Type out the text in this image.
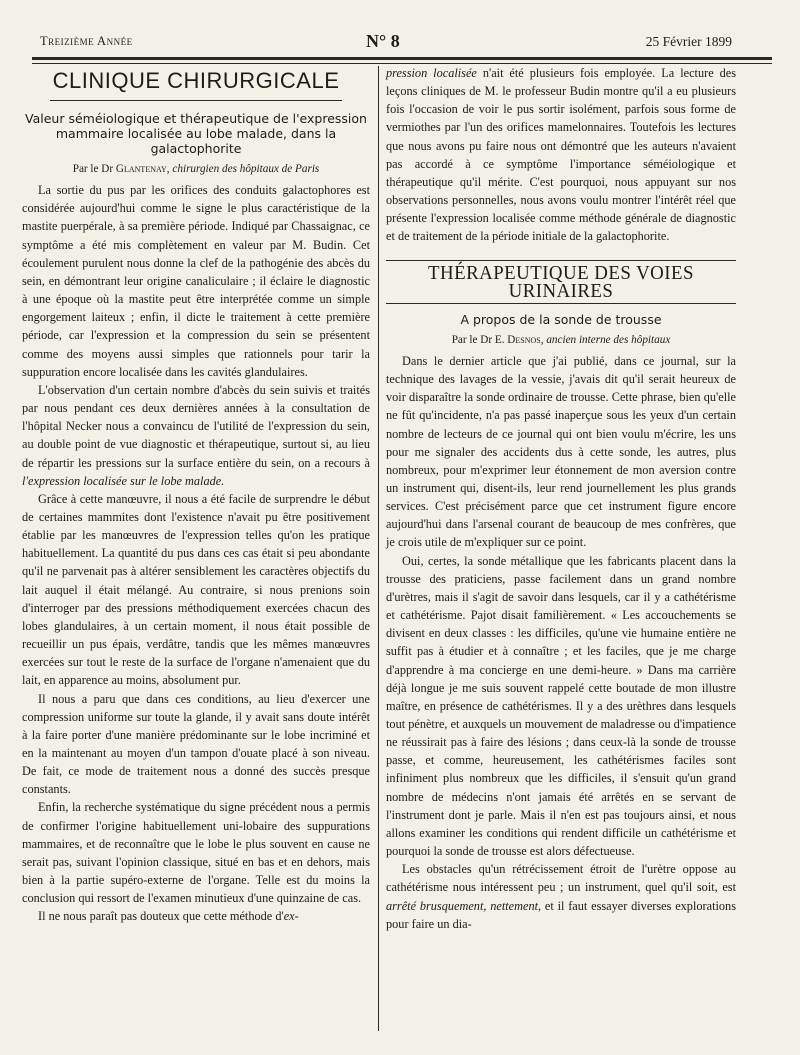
Treizième Année	N° 8	25 Février 1899
CLINIQUE CHIRURGICALE
Valeur séméiologique et thérapeutique de l'expression mammaire localisée au lobe malade, dans la galactophorite
Par le Dr Glantenay, chirurgien des hôpitaux de Paris

La sortie du pus par les orifices des conduits galactophores est considérée aujourd'hui comme le signe le plus caractéristique de la mastite puerpérale, à sa première période. Indiqué par Chassaignac, ce symptôme a été mis complètement en valeur par M. Budin. Cet écoulement purulent nous donne la clef de la pathogénie des abcès du sein, en démontrant leur origine canaliculaire ; il éclaire le diagnostic à une époque où la mastite peut être interprétée comme un simple engorgement laiteux ; enfin, il dicte le traitement à cette première période, car l'expression et la compression du sein se présentent comme des moyens aussi simples que rationnels pour tarir la suppuration encore localisée dans les cavités glandulaires.

L'observation d'un certain nombre d'abcès du sein suivis et traités par nous pendant ces deux dernières années à la consultation de l'hôpital Necker nous a convaincu de l'utilité de l'expression du sein, au double point de vue diagnostic et thérapeutique, surtout si, au lieu de répartir les pressions sur la surface entière du sein, on a recours à l'expression localisée sur le lobe malade.

Grâce à cette manœuvre, il nous a été facile de surprendre le début de certaines mammites dont l'existence n'avait pu être positivement établie par les manœuvres de l'expression telles qu'on les pratique habituellement. La quantité du pus dans ces cas était si peu abondante qu'il ne parvenait pas à altérer sensiblement les caractères objectifs du lait auquel il était mélangé. Au contraire, si nous prenions soin d'interroger par des pressions méthodiquement exercées chacun des lobes glandulaires, à un certain moment, il nous était possible de recueillir un pus épais, verdâtre, tandis que les mêmes manœuvres exercées sur tout le reste de la surface de l'organe n'amenaient que du lait, en apparence au moins, absolument pur.

Il nous a paru que dans ces conditions, au lieu d'exercer une compression uniforme sur toute la glande, il y avait sans doute intérêt à la faire porter d'une manière prédominante sur le lobe incriminé et en la maintenant au moyen d'un tampon d'ouate placé à son niveau. De fait, ce mode de traitement nous a donné des succès presque constants.

Enfin, la recherche systématique du signe précédent nous a permis de confirmer l'origine habituellement uni-lobaire des suppurations mammaires, et de reconnaître que le lobe le plus souvent en cause ne serait pas, suivant l'opinion classique, situé en bas et en dehors, mais bien à la partie supéro-externe de l'organe. Telle est du moins la conclusion qui ressort de l'examen minutieux d'une quinzaine de cas.

Il ne nous paraît pas douteux que cette méthode d'ex-

pression localisée n'ait été plusieurs fois employée. La lecture des leçons cliniques de M. le professeur Budin montre qu'il a eu plusieurs fois l'occasion de voir le pus sortir isolément, parfois sous forme de vermiothes par l'un des orifices mamelonnaires. Toutefois les lectures que nous avons pu faire nous ont démontré que les auteurs n'avaient pas accordé à ce symptôme l'importance séméiologique et thérapeutique qu'il mérite. C'est pourquoi, nous appuyant sur nos observations personnelles, nous avons voulu montrer l'intérêt réel que présente l'expression localisée comme méthode générale de diagnostic et de traitement de la période initiale de la galactophorite.

THÉRAPEUTIQUE DES VOIES URINAIRES
A propos de la sonde de trousse
Par le Dr E. Desnos, ancien interne des hôpitaux

Dans le dernier article que j'ai publié, dans ce journal, sur la technique des lavages de la vessie, j'avais dit qu'il serait heureux de voir disparaître la sonde ordinaire de trousse. Cette phrase, bien qu'elle ne fût qu'incidente, n'a pas passé inaperçue sous les yeux d'un certain nombre de lecteurs de ce journal qui ont bien voulu m'écrire, les uns pour me signaler des accidents dus à cette sonde, les autres, plus nombreux, pour m'exprimer leur étonnement de mon aversion contre un instrument qui, disent-ils, leur rend journellement les plus grands services. C'est précisément parce que cet instrument figure encore aujourd'hui dans l'arsenal courant de beaucoup de mes confrères, que je crois utile de m'expliquer sur ce point.

Oui, certes, la sonde métallique que les fabricants placent dans la trousse des praticiens, passe facilement dans un grand nombre d'urètres, mais il s'agit de savoir dans lesquels, car il y a cathétérisme et cathétérisme. Pajot disait familièrement. « Les accouchements se divisent en deux classes : les difficiles, qu'une vie humaine entière ne suffit pas à étudier et à connaître ; et les faciles, que je me charge d'apprendre à ma concierge en une demi-heure. » Dans ma carrière déjà longue je me suis souvent rappelé cette boutade de mon illustre maître, en présence de cathétérismes. Il y a des urèthres dans lesquels tout pénètre, et auxquels un mouvement de maladresse ou d'impatience ne réussirait pas à faire des lésions ; dans ceux-là la sonde de trousse passe, et comme, heureusement, les cathétérismes faciles sont infiniment plus nombreux que les difficiles, il s'ensuit qu'un grand nombre de médecins n'ont jamais été arrêtés en se servant de l'instrument dont je parle. Mais il n'en est pas toujours ainsi, et nous allons examiner les conditions qui rendent difficile un cathétérisme et pourquoi la sonde de trousse est alors défectueuse.

Les obstacles qu'un rétrécissement étroit de l'urètre oppose au cathétérisme nous intéressent peu ; un instrument, quel qu'il soit, est arrêté brusquement, nettement, et il faut essayer diverses explorations pour faire un dia-
